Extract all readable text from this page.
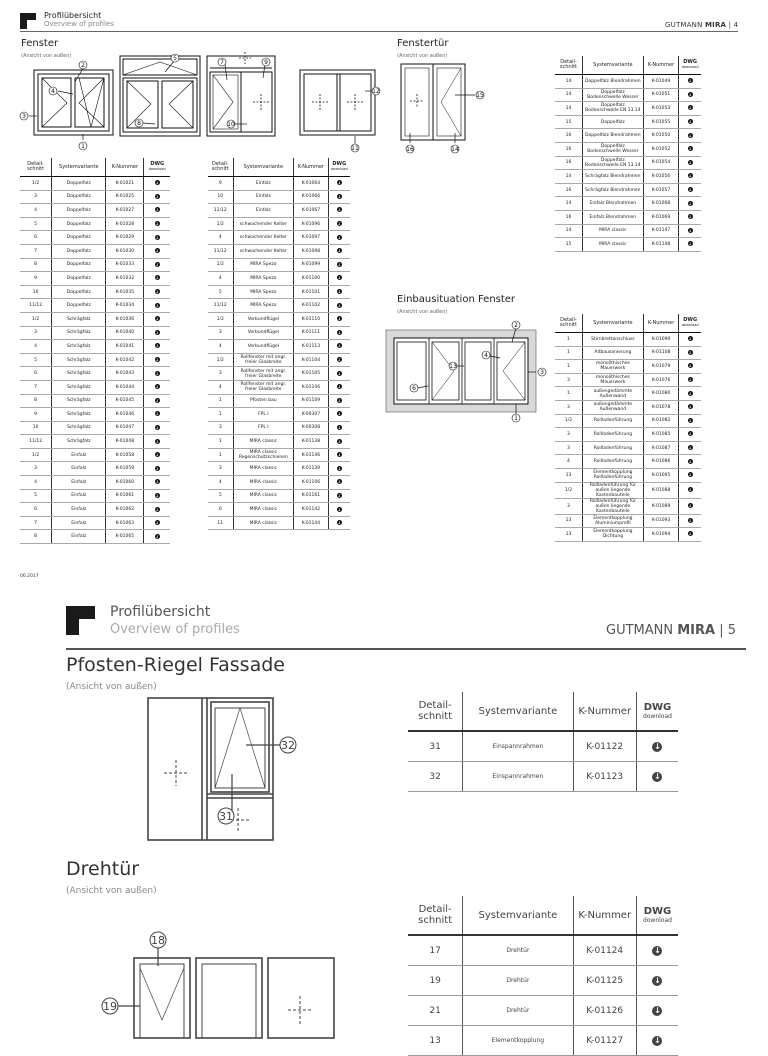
Profilübersicht
Overview of profiles	GUTMANN MIRA | 4
Fenster
(Ansicht von außen)
Fenstertür
(Ansicht von außen)
2
4
3
1
5
8
7	9
10
12
11
15
16	14
Detail-
schnitt	Systemvariante	K-Nummer	DWG
download

1/2	Doppelfalz	K-01021	↓
3	Doppelfalz	K-01025	↓
4	Doppelfalz	K-01027	↓
5	Doppelfalz	K-01028	↓
6	Doppelfalz	K-01029	↓
7	Doppelfalz	K-01030	↓
8	Doppelfalz	K-01033	↓
9	Doppelfalz	K-01032	↓
10	Doppelfalz	K-01035	↓
11/12	Doppelfalz	K-01034	↓
1/2	Schrägfalz	K-01036	↓
3	Schrägfalz	K-01040	↓
4	Schrägfalz	K-01041	↓
5	Schrägfalz	K-01042	↓
6	Schrägfalz	K-01043	↓
7	Schrägfalz	K-01044	↓
8	Schrägfalz	K-01045	↓
9	Schrägfalz	K-01046	↓
10	Schrägfalz	K-01047	↓
11/12	Schrägfalz	K-01048	↓
1/2	Einfalz	K-01058	↓
3	Einfalz	K-01059	↓
4	Einfalz	K-01060	↓
5	Einfalz	K-01061	↓
6	Einfalz	K-01062	↓
7	Einfalz	K-01063	↓
8	Einfalz	K-01065	↓
Detail-
schnitt	Systemvariante	K-Nummer	DWG
download

9	Einfalz	K-01064	↓
10	Einfalz	K-01066	↓
11/12	Einfalz	K-01067	↓
1/2	schwachender Kelter	K-01096	↓
4	schwachender Kelter	K-01097	↓
11/12	schwachender Kelter	K-01098	↓
1/2	MIRA Spezo	K-01099	↓
4	MIRA Spezo	K-01100	↓
5	MIRA Spezo	K-01101	↓
11/12	MIRA Spezo	K-01102	↓
1/2	Verbundflügel	K-01110	↓
3	Verbundflügel	K-01111	↓
4	Verbundflügel	K-01113	↓
1/2	Rollfenster mit angr. freier Glasbreite	K-01104	↓
3	Rollfenster mit angr. freier Glasbreite	K-01105	↓
4	Rollfenster mit angr. freier Glasbreite	K-01106	↓
1	Pfosten bau	K-01109	↓
1	FPL I	K-00307	↓
3	FPL I	K-00308	↓
1	MIRA classic	K-01138	↓
1	MIRA classic Regenschutzschienen	K-01146	↓
3	MIRA classic	K-01139	↓
4	MIRA classic	K-01106	↓
5	MIRA classic	K-01161	↓
6	MIRA classic	K-01142	↓
11	MIRA classic	K-01144	↓
Detail-
schnitt	Systemvariante	K-Nummer	DWG
download

14	Doppelfalz Blendrahmen	K-01049	↓
14	Doppelfalz Bodenschwelle Wesser	K-01051	↓
14	Doppelfalz Bodenschwelle EN 13.14	K-01053	↓
15	Doppelfalz	K-01055	↓
16	Doppelfalz Blendrahmen	K-01050	↓
16	Doppelfalz Bodenschwelle Wesser	K-01052	↓
16	Doppelfalz Bodenschwelle EN 13.14	K-01054	↓
14	Schrägfalz Blendrahmen	K-01056	↓
16	Schrägfalz Blendrahmen	K-01057	↓
14	Einfalz Blendrahmen	K-01068	↓
16	Einfalz Blendrahmen	K-01069	↓
14	MIRA classic	K-01147	↓
15	MIRA classic	K-01148	↓
Einbausituation Fenster
(Ansicht von außen)
2
4
13
3
6
1
Detail-
schnitt	Systemvariante	K-Nummer	DWG
download

1	Stirnbrettanschluss	K-01090	↓
1	Altbausanierung	K-01108	↓
1	monolithisches Mauerwerk	K-01079	↓
3	monolithisches Mauerwerk	K-01076	↓
1	außengedämmte Außenwand	K-01080	↓
3	außengedämmte Außenwand	K-01078	↓
1/2	Rollladenführung	K-01082	↓
3	Rollladenführung	K-01085	↓
3	Rollladenführung	K-01087	↓
4	Rollladenführung	K-01086	↓
13	Elementkopplung Rollladenführung	K-01095	↓
1/2	Rollladenführung für außen liegende Kastenbauteile	K-01088	↓
3	Rollladenführung für außen liegende Kastenbauteile	K-01089	↓
13	Elementkopplung Aluminiumprofil	K-01093	↓
13	Elementkopplung Dichtung	K-01094	↓
06.2017
Profilübersicht
Overview of profiles	GUTMANN MIRA | 5
Pfosten-Riegel Fassade
(Ansicht von außen)
32
31
Detail-
schnitt	Systemvariante	K-Nummer	DWG
download

31	Einspannrahmen	K-01122	↓
32	Einspannrahmen	K-01123	↓
Drehtür
(Ansicht von außen)
18
19
Detail-
schnitt	Systemvariante	K-Nummer	DWG
download

17	Drehtür	K-01124	↓
19	Drehtür	K-01125	↓
21	Drehtür	K-01126	↓
13	Elementkopplung	K-01127	↓
